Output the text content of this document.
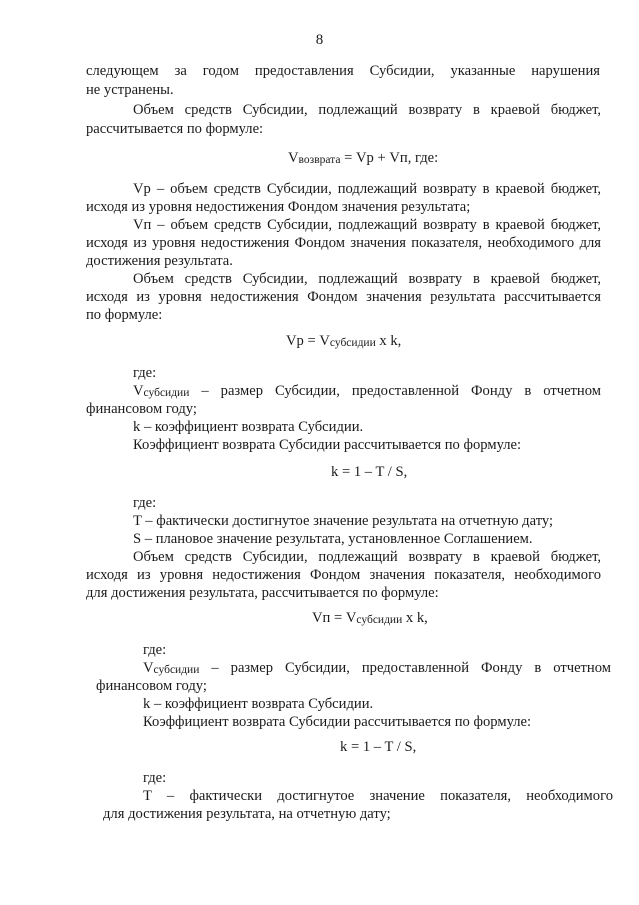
8
следующем за годом предоставления Субсидии, указанные нарушения
не устранены.
Объем средств Субсидии, подлежащий возврату в краевой бюджет,
рассчитывается по формуле:
$V_{возврата}$ = Vр + Vп, где:
Vр – объем средств Субсидии, подлежащий возврату в краевой бюджет,
исходя из уровня недостижения Фондом значения результата;
Vп – объем средств Субсидии, подлежащий возврату в краевой бюджет,
исходя из уровня недостижения Фондом значения показателя, необходимого для
достижения результата.
Объем средств Субсидии, подлежащий возврату в краевой бюджет,
исходя из уровня недостижения Фондом значения результата рассчитывается
по формуле:
Vр = $V_{субсидии}$ x k,
где:
$V_{субсидии}$ – размер Субсидии, предоставленной Фонду в отчетном
финансовом году;
k – коэффициент возврата Субсидии.
Коэффициент возврата Субсидии рассчитывается по формуле:
k = 1 – T / S,
где:
T – фактически достигнутое значение результата на отчетную дату;
S – плановое значение результата, установленное Соглашением.
Объем средств Субсидии, подлежащий возврату в краевой бюджет,
исходя из уровня недостижения Фондом значения показателя, необходимого
для достижения результата, рассчитывается по формуле:
Vп = $V_{субсидии}$ x k,
где:
$V_{субсидии}$ – размер Субсидии, предоставленной Фонду в отчетном
финансовом году;
k – коэффициент возврата Субсидии.
Коэффициент возврата Субсидии рассчитывается по формуле:
k = 1 – T / S,
где:
T – фактически достигнутое значение показателя, необходимого
для достижения результата, на отчетную дату;
